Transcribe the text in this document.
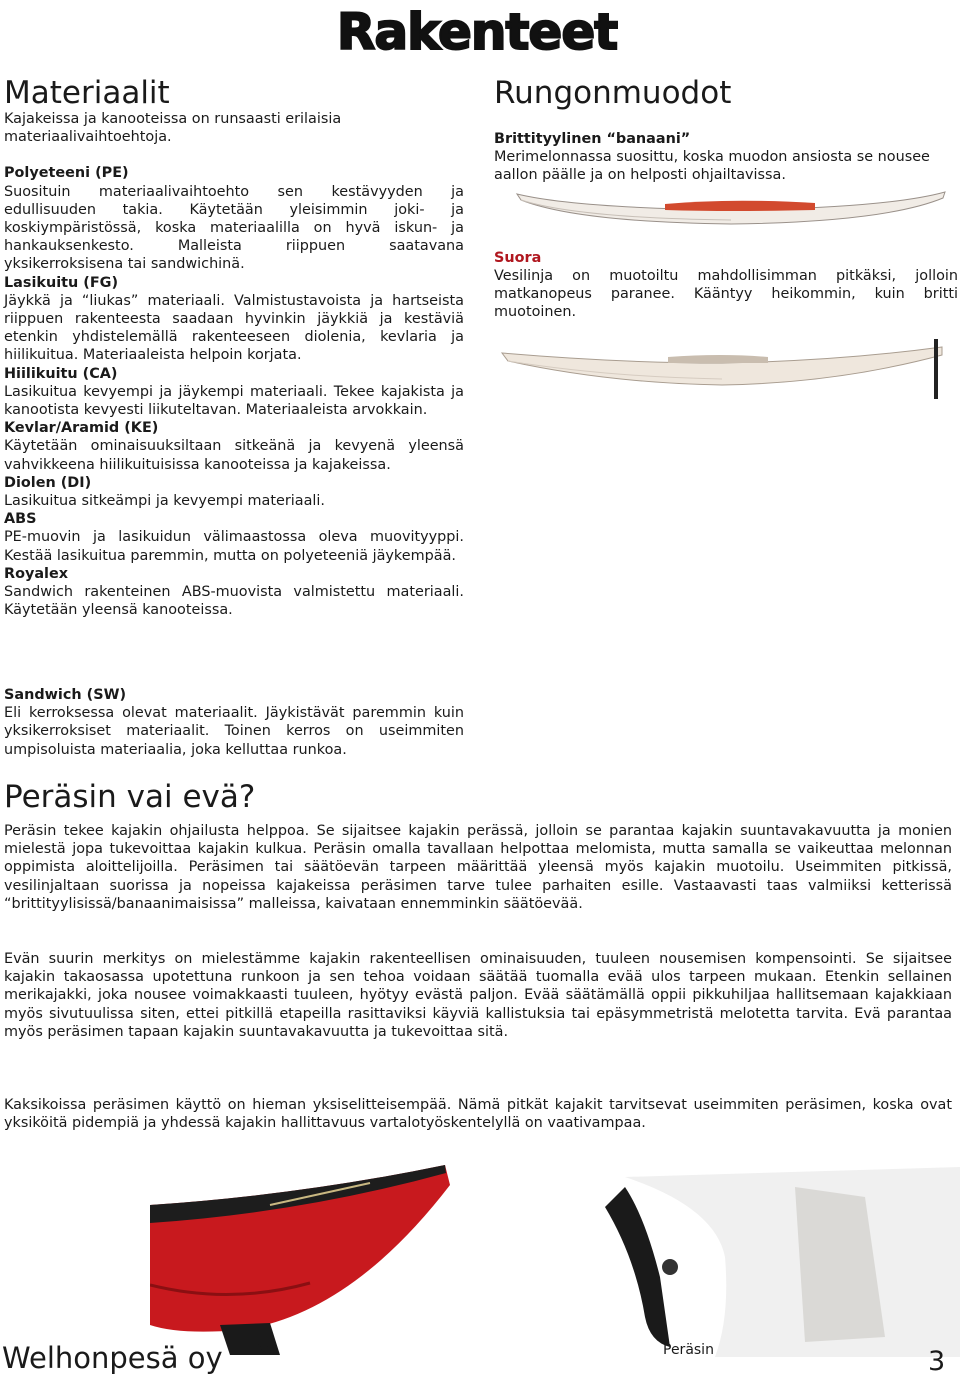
Rakenteet
Materiaalit

Kajakeissa ja kanooteissa on runsaasti erilaisia materiaalivaihtoehtoja.

Polyeteeni (PE)

Suosituin materiaalivaihtoehto sen kestävyyden ja edullisuuden takia. Käytetään yleisimmin joki- ja koskiympäristössä, koska materiaalilla on hyvä iskun- ja hankauksenkesto. Malleista riippuen saatavana yksikerroksisena tai sandwichinä.

Lasikuitu (FG)

Jäykkä ja “liukas” materiaali. Valmistustavoista ja hartseista riippuen rakenteesta saadaan hyvinkin jäykkiä ja kestäviä etenkin yhdistelemällä rakenteeseen diolenia, kevlaria ja hiilikuitua. Materiaaleista helpoin korjata.

Hiilikuitu (CA)

Lasikuitua kevyempi ja jäykempi materiaali. Tekee kajakista ja kanootista kevyesti liikuteltavan. Materiaaleista arvokkain.

Kevlar/Aramid (KE)

Käytetään ominaisuuksiltaan sitkeänä ja kevyenä yleensä vahvikkeena hiilikuituisissa kanooteissa ja kajakeissa.

Diolen (DI)

Lasikuitua sitkeämpi ja kevyempi materiaali.

ABS

PE-muovin ja lasikuidun välimaastossa oleva muovityyppi. Kestää lasikuitua paremmin, mutta on polyeteeniä jäykempää.

Royalex

Sandwich rakenteinen ABS-muovista valmistettu materiaali. Käytetään yleensä kanooteissa.

Sandwich (SW)

Eli kerroksessa olevat materiaalit. Jäykistävät paremmin kuin yksikerroksiset materiaalit. Toinen kerros on useimmiten umpisoluista materiaalia, joka kelluttaa runkoa.

Rungonmuodot

Brittityylinen “banaani”

Merimelonnassa suosittu, koska muodon ansiosta se nousee aallon päälle ja on helposti ohjailtavissa.

Suora

Vesilinja on muotoiltu mahdollisimman pitkäksi, jolloin matkanopeus paranee. Kääntyy heikommin, kuin britti muotoinen.

Peräsin vai evä?

Peräsin tekee kajakin ohjailusta helppoa. Se sijaitsee kajakin perässä, jolloin se parantaa kajakin suuntavakavuutta ja monien mielestä jopa tukevoittaa kajakin kulkua. Peräsin omalla tavallaan helpottaa melomista, mutta samalla se vaikeuttaa melonnan oppimista aloittelijoilla. Peräsimen tai säätöevän tarpeen määrittää yleensä myös kajakin muotoilu. Useimmiten pitkissä, vesilinjaltaan suorissa ja nopeissa kajakeissa peräsimen tarve tulee parhaiten esille. Vastaavasti taas valmiiksi ketterissä “brittityylisissä/banaanimaisissa” malleissa, kaivataan ennemminkin säätöevää.

Evän suurin merkitys on mielestämme kajakin rakenteellisen ominaisuuden, tuuleen nousemisen kompensointi. Se sijaitsee kajakin takaosassa upotettuna runkoon ja sen tehoa voidaan säätää tuomalla evää ulos tarpeen mukaan. Etenkin sellainen merikajakki, joka nousee voimakkaasti tuuleen, hyötyy evästä paljon. Evää säätämällä oppii pikkuhiljaa hallitsemaan kajakkiaan myös sivutuulissa siten, ettei pitkillä etapeilla rasittaviksi käyviä kallistuksia tai epäsymmetristä melotetta tarvita. Evä parantaa myös peräsimen tapaan kajakin suuntavakavuutta ja tukevoittaa sitä.

Kaksikoissa peräsimen käyttö on hieman yksiselitteisempää. Nämä pitkät kajakit tarvitsevat useimmiten peräsimen, koska ovat yksiköitä pidempiä ja yhdessä kajakin hallittavuus vartalotyöskentelyllä on vaativampaa.

Welhonpesä oy Evä	Peräsin	3
